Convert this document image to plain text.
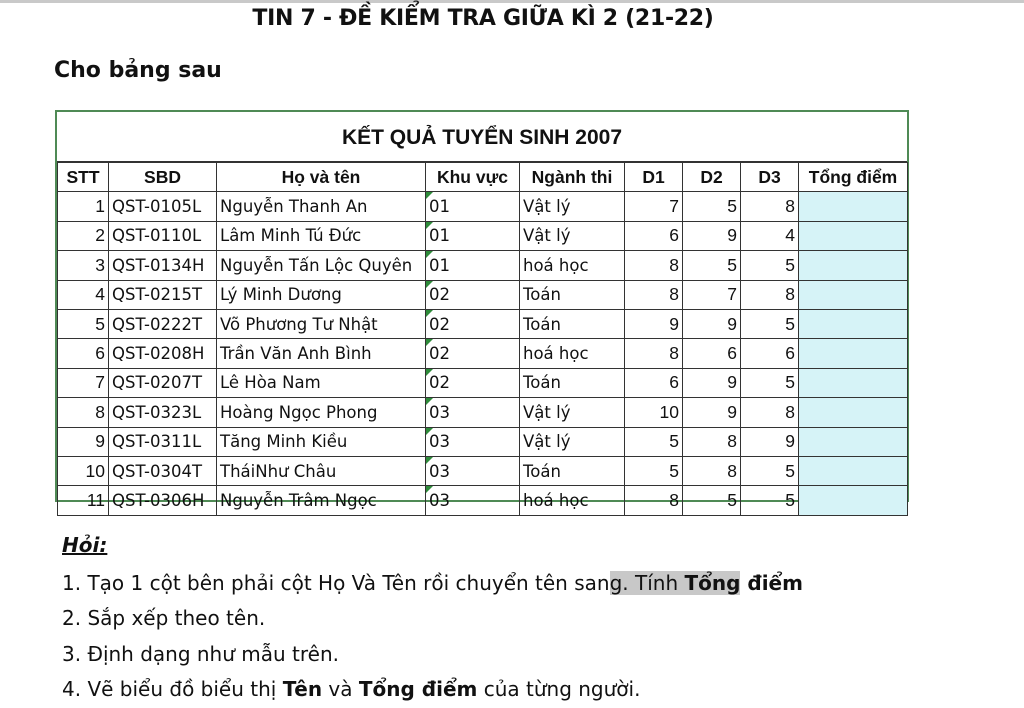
TIN 7 - ĐỀ KIỂM TRA GIỮA KÌ 2 (21-22)
Cho bảng sau
KẾT QUẢ TUYỂN SINH 2007
STT	SBD	Họ và tên	Khu vực	Ngành thi	D1	D2	D3	Tổng điểm
1	QST-0105L	Nguyễn Thanh An	01	Vật lý	7	5	8	
2	QST-0110L	Lâm Minh Tú Đức	01	Vật lý	6	9	4	
3	QST-0134H	Nguyễn Tấn Lộc Quyên	01	hoá học	8	5	5	
4	QST-0215T	Lý Minh Dương	02	Toán	8	7	8	
5	QST-0222T	Võ Phương Tư Nhật	02	Toán	9	9	5	
6	QST-0208H	Trần Văn Anh Bình	02	hoá học	8	6	6	
7	QST-0207T	Lê Hòa Nam	02	Toán	6	9	5	
8	QST-0323L	Hoàng Ngọc Phong	03	Vật lý	10	9	8	
9	QST-0311L	Tăng Minh Kiều	03	Vật lý	5	8	9	
10	QST-0304T	TháiNhư Châu	03	Toán	5	8	5	
11	QST-0306H	Nguyễn Trâm Ngọc	03	hoá học	8	5	5	
Hỏi:
1. Tạo 1 cột bên phải cột Họ Và Tên rồi chuyển tên sang. Tính Tổng điểm
2. Sắp xếp theo tên.
3. Định dạng như mẫu trên.
4. Vẽ biểu đồ biểu thị Tên và Tổng điểm của từng người.
